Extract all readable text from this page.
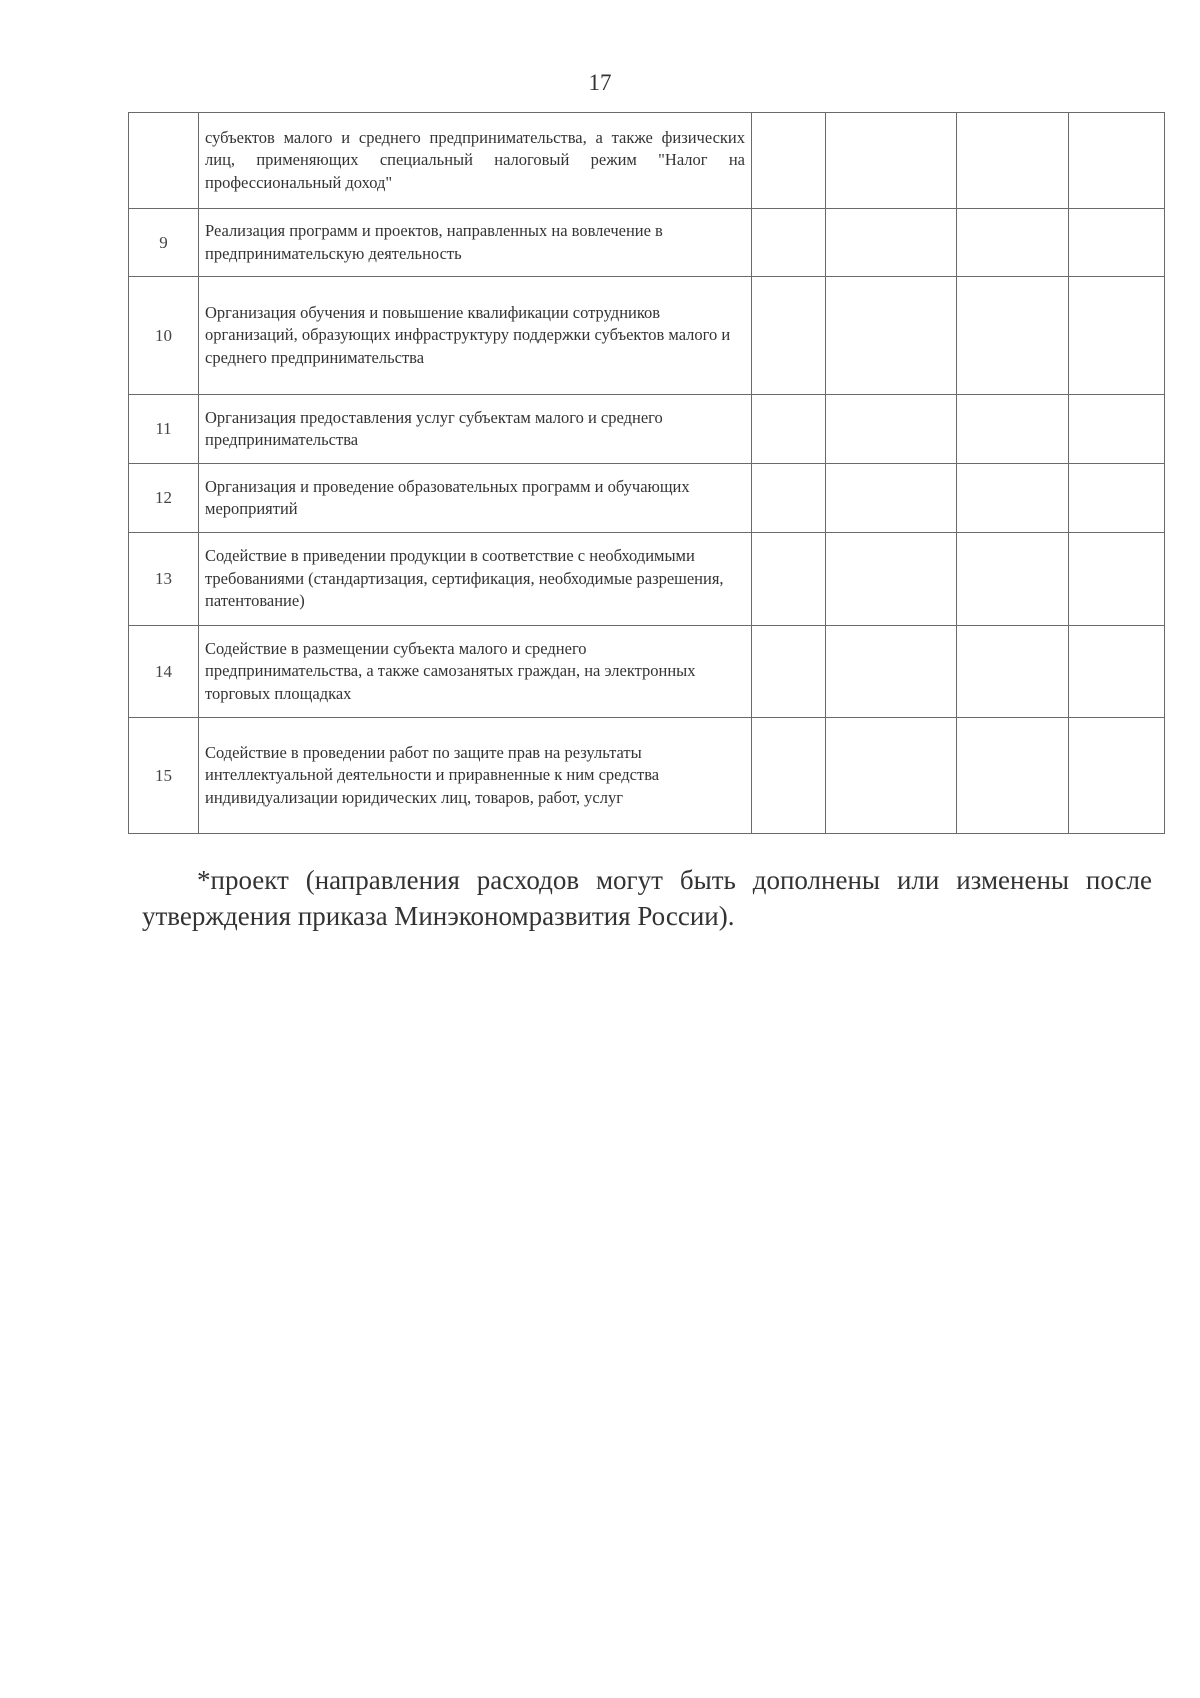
17
	субъектов малого и среднего предпринимательства, а также физических лиц, применяющих специальный налоговый режим "Налог на профессиональный доход"				
9	Реализация программ и проектов, направленных на вовлечение в предпринимательскую деятельность				
10	Организация обучения и повышение квалификации сотрудников организаций, образующих инфраструктуру поддержки субъектов малого и среднего предпринимательства				
11	Организация предоставления услуг субъектам малого и среднего предпринимательства				
12	Организация и проведение образовательных программ и обучающих мероприятий				
13	Содействие в приведении продукции в соответствие с необходимыми требованиями (стандартизация, сертификация, необходимые разрешения, патентование)				
14	Содействие в размещении субъекта малого и среднего предпринимательства, а также самозанятых граждан, на электронных торговых площадках				
15	Содействие в проведении работ по защите прав на результаты интеллектуальной деятельности и приравненные к ним средства индивидуализации юридических лиц, товаров, работ, услуг				
*проект (направления расходов могут быть дополнены или изменены после утверждения приказа Минэкономразвития России).
